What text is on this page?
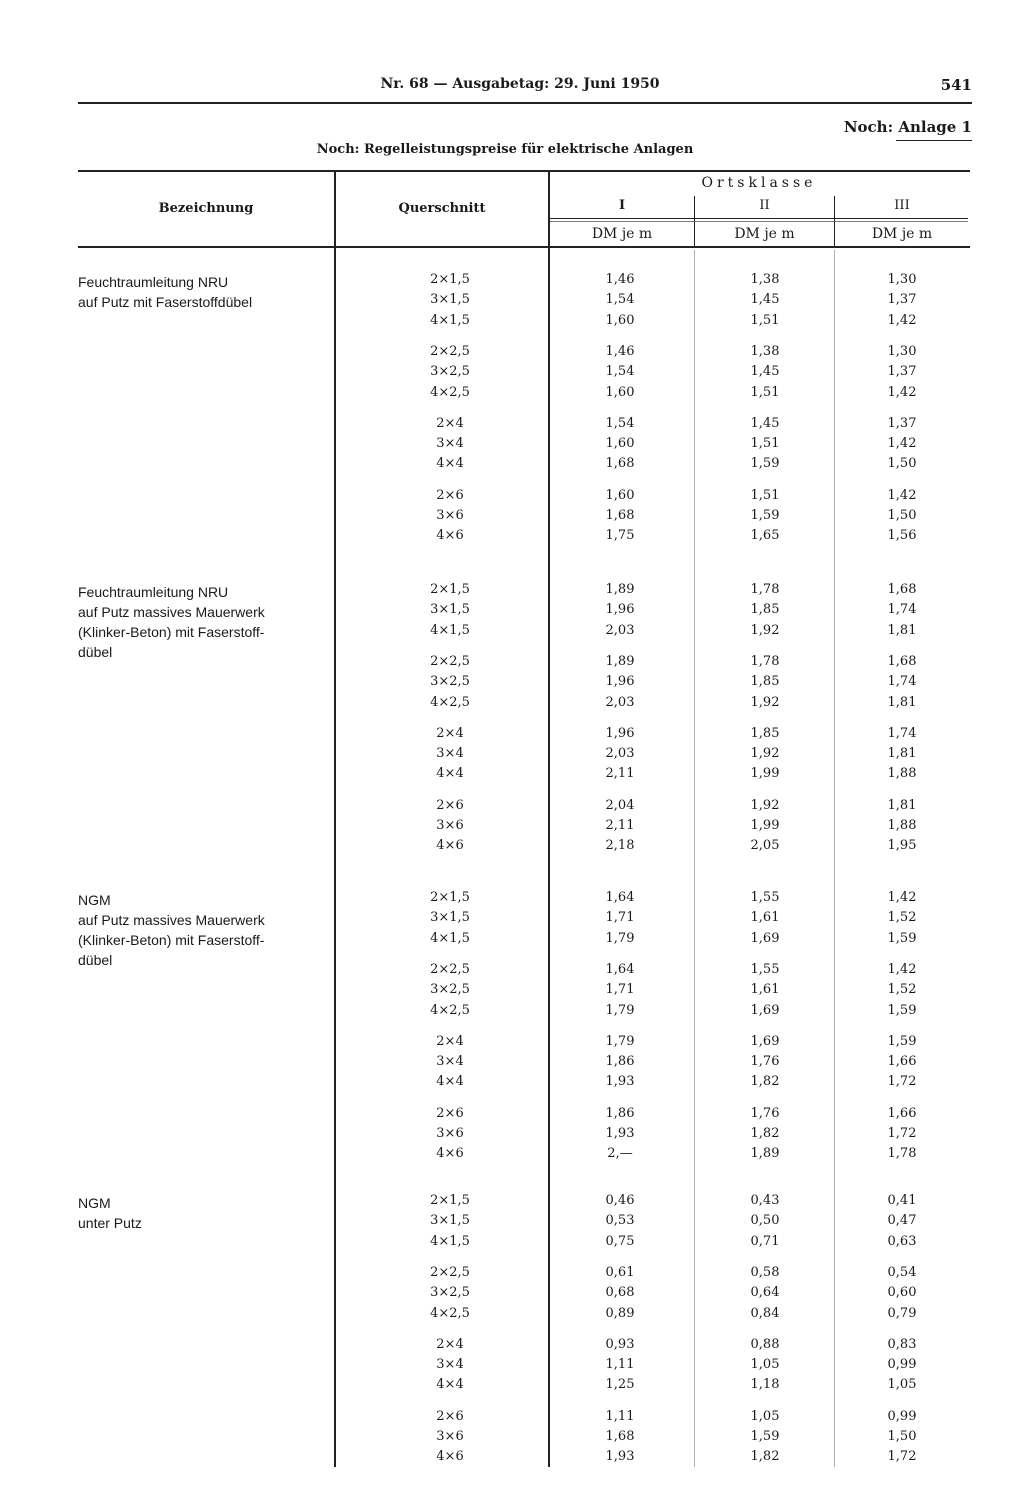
Nr. 68 — Ausgabetag: 29. Juni 1950	541
Noch: Anlage 1
Noch: Regelleistungspreise für elektrische Anlagen
Bezeichnung	Querschnitt
Ortsklasse
I	II	III
DM je m	DM je m	DM je m
Feuchtraumleitung NRU
auf Putz mit Faserstoffdübel
2×1,5	1,46	1,38	1,30
3×1,5	1,54	1,45	1,37
4×1,5	1,60	1,51	1,42
2×2,5	1,46	1,38	1,30
3×2,5	1,54	1,45	1,37
4×2,5	1,60	1,51	1,42
2×4	1,54	1,45	1,37
3×4	1,60	1,51	1,42
4×4	1,68	1,59	1,50
2×6	1,60	1,51	1,42
3×6	1,68	1,59	1,50
4×6	1,75	1,65	1,56
Feuchtraumleitung NRU
auf Putz massives Mauerwerk
(Klinker-Beton) mit Faserstoff-
dübel
2×1,5	1,89	1,78	1,68
3×1,5	1,96	1,85	1,74
4×1,5	2,03	1,92	1,81
2×2,5	1,89	1,78	1,68
3×2,5	1,96	1,85	1,74
4×2,5	2,03	1,92	1,81
2×4	1,96	1,85	1,74
3×4	2,03	1,92	1,81
4×4	2,11	1,99	1,88
2×6	2,04	1,92	1,81
3×6	2,11	1,99	1,88
4×6	2,18	2,05	1,95
NGM
auf Putz massives Mauerwerk
(Klinker-Beton) mit Faserstoff-
dübel
2×1,5	1,64	1,55	1,42
3×1,5	1,71	1,61	1,52
4×1,5	1,79	1,69	1,59
2×2,5	1,64	1,55	1,42
3×2,5	1,71	1,61	1,52
4×2,5	1,79	1,69	1,59
2×4	1,79	1,69	1,59
3×4	1,86	1,76	1,66
4×4	1,93	1,82	1,72
2×6	1,86	1,76	1,66
3×6	1,93	1,82	1,72
4×6	2,—	1,89	1,78
NGM
unter Putz
2×1,5	0,46	0,43	0,41
3×1,5	0,53	0,50	0,47
4×1,5	0,75	0,71	0,63
2×2,5	0,61	0,58	0,54
3×2,5	0,68	0,64	0,60
4×2,5	0,89	0,84	0,79
2×4	0,93	0,88	0,83
3×4	1,11	1,05	0,99
4×4	1,25	1,18	1,05
2×6	1,11	1,05	0,99
3×6	1,68	1,59	1,50
4×6	1,93	1,82	1,72
